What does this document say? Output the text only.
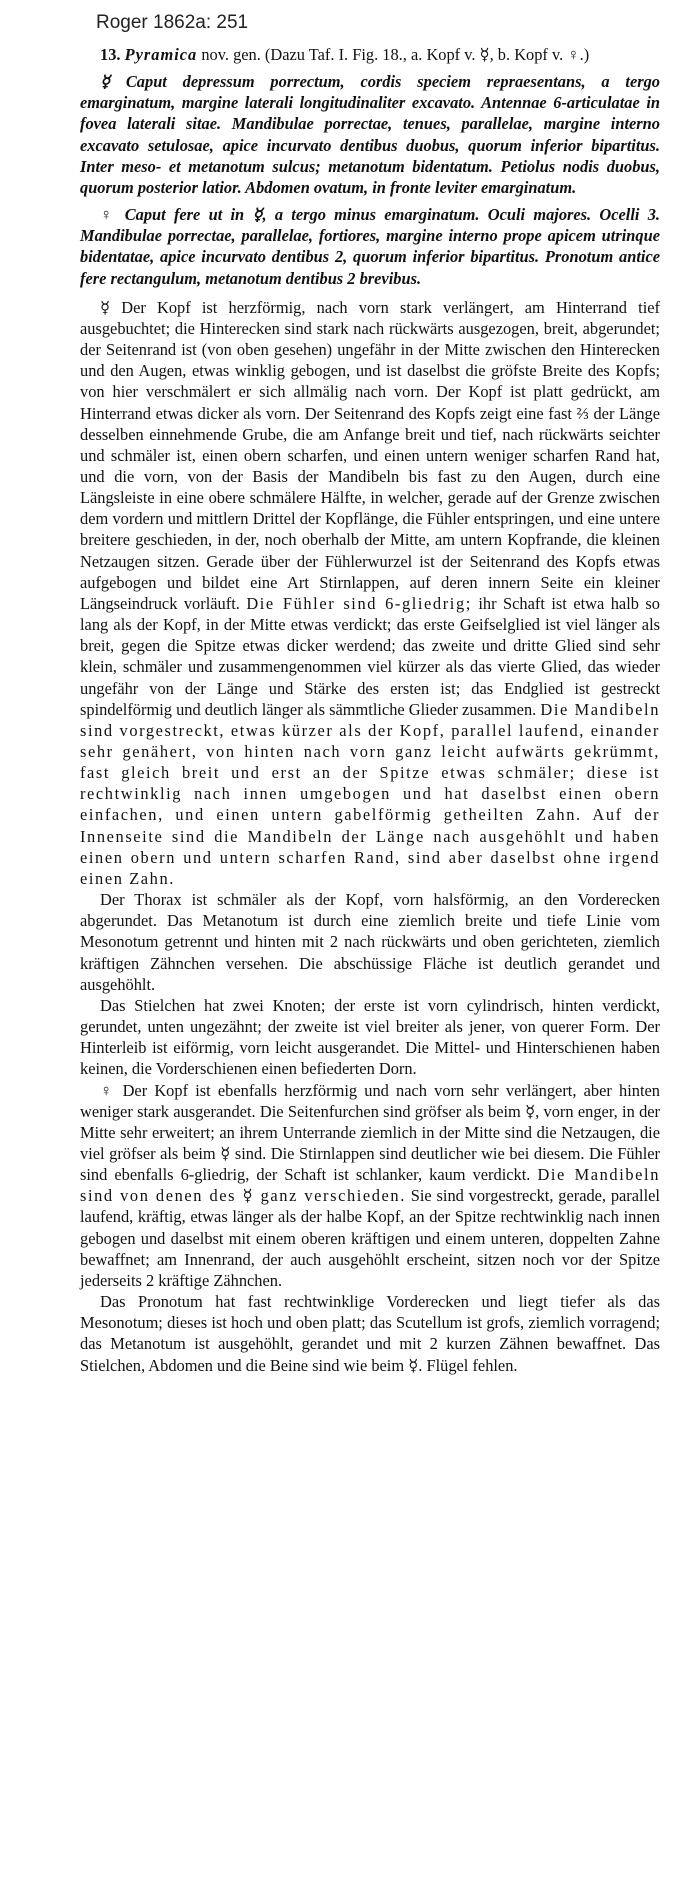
Roger 1862a: 251

13. Pyramica nov. gen. (Dazu Taf. I. Fig. 18., a. Kopf v. ☿, b. Kopf v. ♀.)

☿ Caput depressum porrectum, cordis speciem repraesentans, a tergo emarginatum, margine laterali longitudinaliter excavato. Antennae 6-articulatae in fovea laterali sitae. Mandibulae porrectae, tenues, parallelae, margine interno excavato setulosae, apice incurvato dentibus duobus, quorum inferior bipartitus. Inter meso- et metanotum sulcus; metanotum bidentatum. Petiolus nodis duobus, quorum posterior latior. Abdomen ovatum, in fronte leviter emarginatum.

♀ Caput fere ut in ☿, a tergo minus emarginatum. Oculi majores. Ocelli 3. Mandibulae porrectae, parallelae, fortiores, margine interno prope apicem utrinque bidentatae, apice incurvato dentibus 2, quorum inferior bipartitus. Pronotum antice fere rectangulum, metanotum dentibus 2 brevibus.

☿ Der Kopf ist herzförmig, nach vorn stark verlängert, am Hinterrand tief ausgebuchtet; die Hinterecken sind stark nach rückwärts ausgezogen, breit, abgerundet; der Seitenrand ist (von oben gesehen) ungefähr in der Mitte zwischen den Hinterecken und den Augen, etwas winklig gebogen, und ist daselbst die gröfste Breite des Kopfs; von hier verschmälert er sich allmälig nach vorn. Der Kopf ist platt gedrückt, am Hinterrand etwas dicker als vorn. Der Seitenrand des Kopfs zeigt eine fast ⅔ der Länge desselben einnehmende Grube, die am Anfange breit und tief, nach rückwärts seichter und schmäler ist, einen obern scharfen, und einen untern weniger scharfen Rand hat, und die vorn, von der Basis der Mandibeln bis fast zu den Augen, durch eine Längsleiste in eine obere schmälere Hälfte, in welcher, gerade auf der Grenze zwischen dem vordern und mittlern Drittel der Kopflänge, die Fühler entspringen, und eine untere breitere geschieden, in der, noch oberhalb der Mitte, am untern Kopfrande, die kleinen Netzaugen sitzen. Gerade über der Fühlerwurzel ist der Seitenrand des Kopfs etwas aufgebogen und bildet eine Art Stirnlappen, auf deren innern Seite ein kleiner Längseindruck vorläuft. Die Fühler sind 6-gliedrig; ihr Schaft ist etwa halb so lang als der Kopf, in der Mitte etwas verdickt; das erste Geifselglied ist viel länger als breit, gegen die Spitze etwas dicker werdend; das zweite und dritte Glied sind sehr klein, schmäler und zusammengenommen viel kürzer als das vierte Glied, das wieder ungefähr von der Länge und Stärke des ersten ist; das Endglied ist gestreckt spindelförmig und deutlich länger als sämmtliche Glieder zusammen. Die Mandibeln sind vorgestreckt, etwas kürzer als der Kopf, parallel laufend, einander sehr genähert, von hinten nach vorn ganz leicht aufwärts gekrümmt, fast gleich breit und erst an der Spitze etwas schmäler; diese ist rechtwinklig nach innen umgebogen und hat daselbst einen obern einfachen, und einen untern gabelförmig getheilten Zahn. Auf der Innenseite sind die Mandibeln der Länge nach ausgehöhlt und haben einen obern und untern scharfen Rand, sind aber daselbst ohne irgend einen Zahn.

Der Thorax ist schmäler als der Kopf, vorn halsförmig, an den Vorderecken abgerundet. Das Metanotum ist durch eine ziemlich breite und tiefe Linie vom Mesonotum getrennt und hinten mit 2 nach rückwärts und oben gerichteten, ziemlich kräftigen Zähnchen versehen. Die abschüssige Fläche ist deutlich gerandet und ausgehöhlt.

Das Stielchen hat zwei Knoten; der erste ist vorn cylindrisch, hinten verdickt, gerundet, unten ungezähnt; der zweite ist viel breiter als jener, von querer Form. Der Hinterleib ist eiförmig, vorn leicht ausgerandet. Die Mittel- und Hinterschienen haben keinen, die Vorderschienen einen befiederten Dorn.

♀ Der Kopf ist ebenfalls herzförmig und nach vorn sehr verlängert, aber hinten weniger stark ausgerandet. Die Seitenfurchen sind gröfser als beim ☿, vorn enger, in der Mitte sehr erweitert; an ihrem Unterrande ziemlich in der Mitte sind die Netzaugen, die viel gröfser als beim ☿ sind. Die Stirnlappen sind deutlicher wie bei diesem. Die Fühler sind ebenfalls 6-gliedrig, der Schaft ist schlanker, kaum verdickt. Die Mandibeln sind von denen des ☿ ganz verschieden. Sie sind vorgestreckt, gerade, parallel laufend, kräftig, etwas länger als der halbe Kopf, an der Spitze rechtwinklig nach innen gebogen und daselbst mit einem oberen kräftigen und einem unteren, doppelten Zahne bewaffnet; am Innenrand, der auch ausgehöhlt erscheint, sitzen noch vor der Spitze jederseits 2 kräftige Zähnchen.

Das Pronotum hat fast rechtwinklige Vorderecken und liegt tiefer als das Mesonotum; dieses ist hoch und oben platt; das Scutellum ist grofs, ziemlich vorragend; das Metanotum ist ausgehöhlt, gerandet und mit 2 kurzen Zähnen bewaffnet. Das Stielchen, Abdomen und die Beine sind wie beim ☿. Flügel fehlen.
